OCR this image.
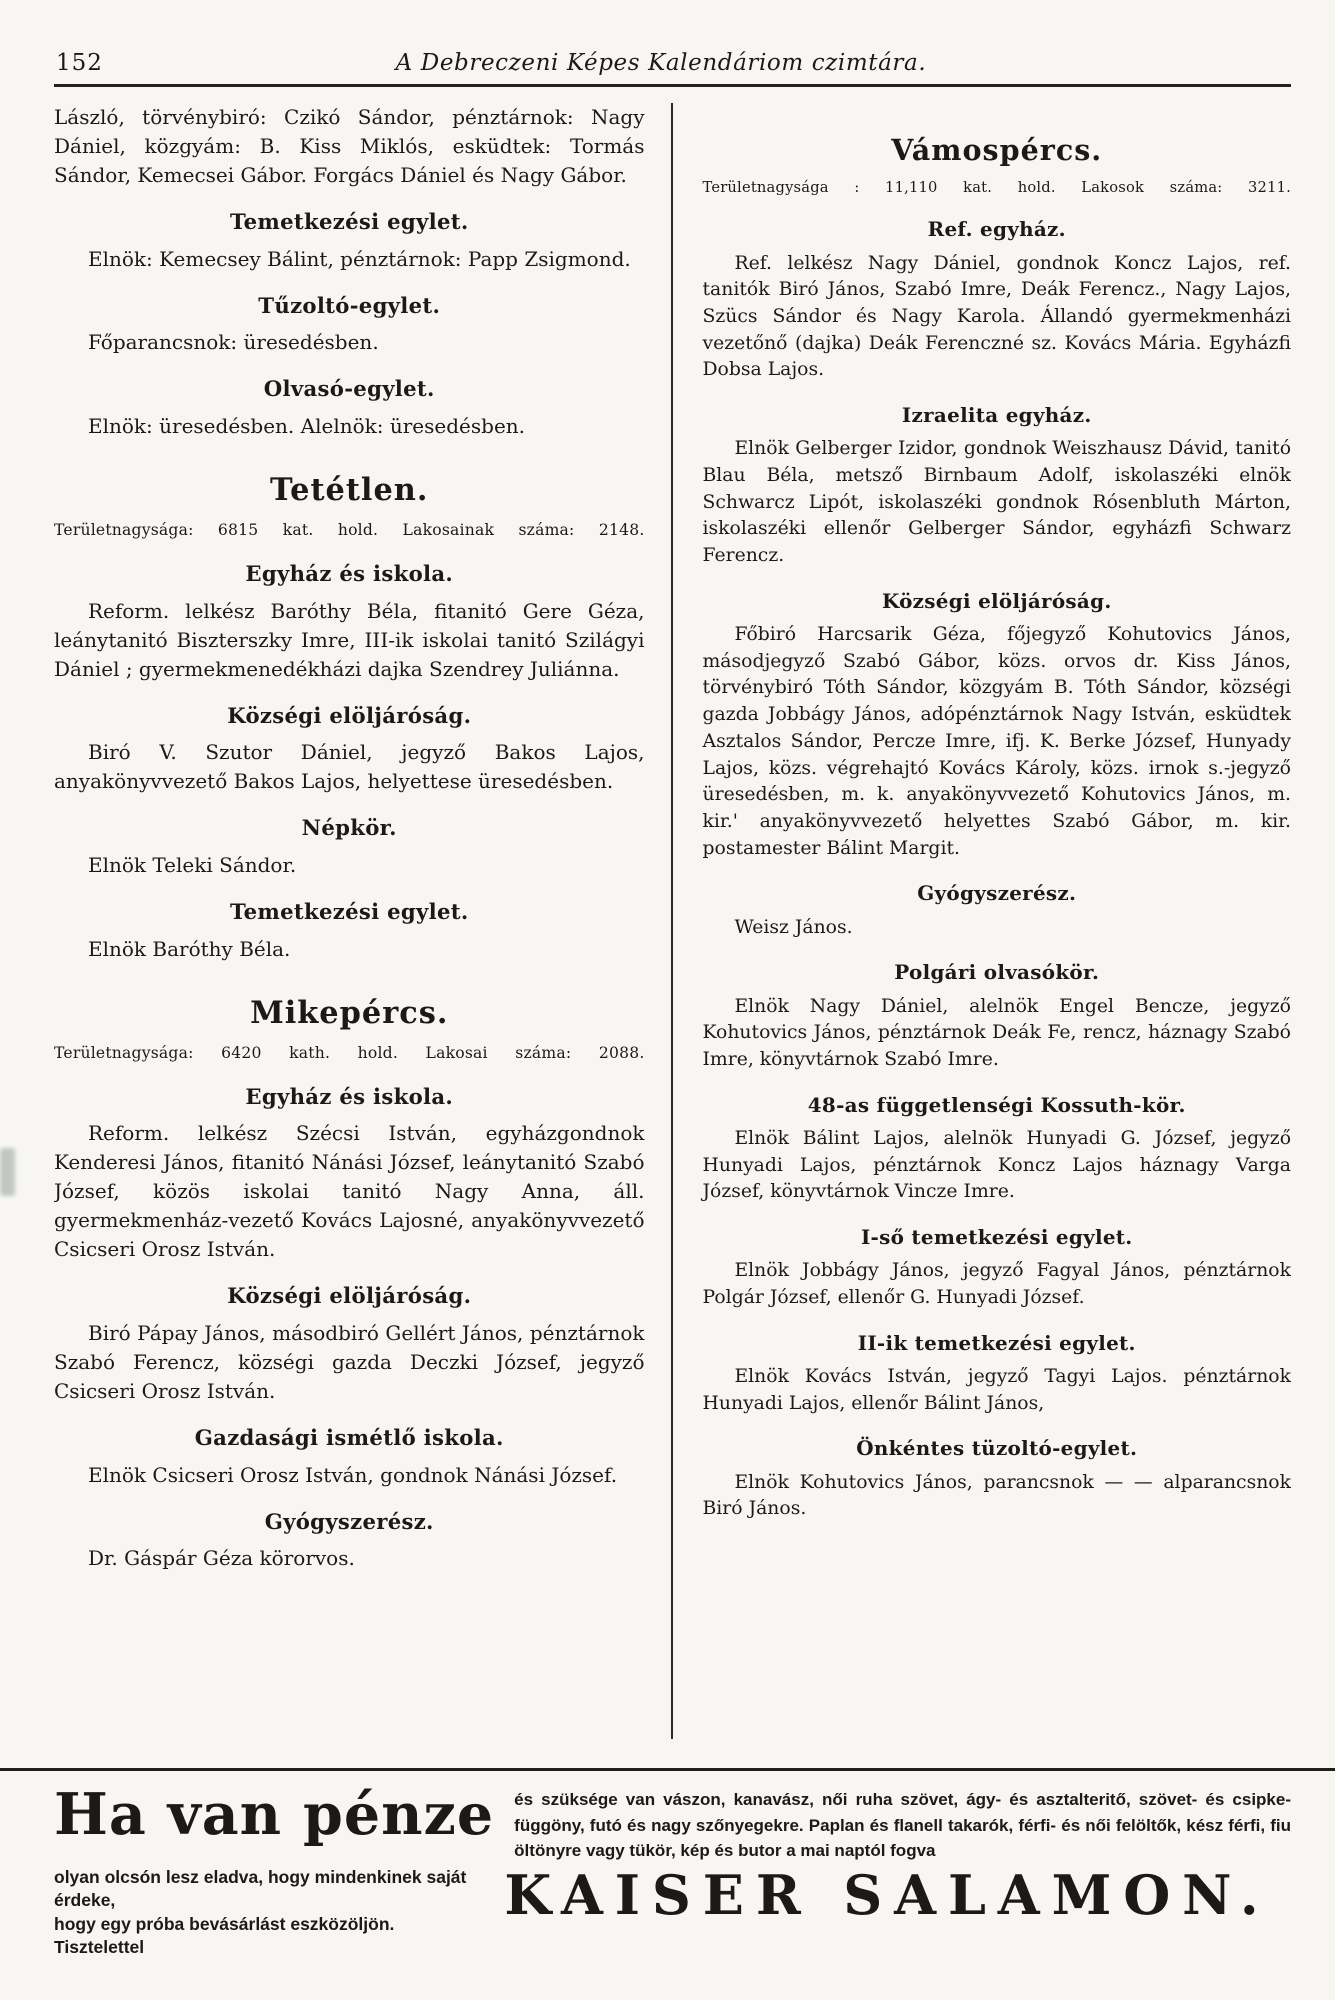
152	A Debreczeni Képes Kalendáriom czimtára.
László, törvénybiró: Czikó Sándor, pénztárnok: Nagy Dániel, közgyám: B. Kiss Miklós, esküdtek: Tormás Sándor, Kemecsei Gábor. Forgács Dániel és Nagy Gábor.
Temetkezési egylet.
Elnök: Kemecsey Bálint, pénztárnok: Papp Zsigmond.
Tűzoltó-egylet.
Főparancsnok: üresedésben.
Olvasó-egylet.
Elnök: üresedésben. Alelnök: üresedésben.
Tetétlen.
Területnagysága: 6815 kat. hold. Lakosainak száma: 2148.
Egyház és iskola.
Reform. lelkész Baróthy Béla, fitanitó Gere Géza, leánytanitó Biszterszky Imre, III-ik iskolai tanitó Szilágyi Dániel ; gyermekmenedékházi dajka Szendrey Juliánna.
Községi elöljáróság.
Biró V. Szutor Dániel, jegyző Bakos Lajos, anyakönyvvezető Bakos Lajos, helyettese üresedésben.
Népkör.
Elnök Teleki Sándor.
Temetkezési egylet.
Elnök Baróthy Béla.
Mikepércs.
Területnagysága: 6420 kath. hold. Lakosai száma: 2088.
Egyház és iskola.
Reform. lelkész Szécsi István, egyházgondnok Kenderesi János, fitanitó Nánási József, leánytanitó Szabó József, közös iskolai tanitó Nagy Anna, áll. gyermekmenház-vezető Kovács Lajosné, anyakönyvvezető Csicseri Orosz István.
Községi elöljáróság.
Biró Pápay János, másodbiró Gellért János, pénztárnok Szabó Ferencz, községi gazda Deczki József, jegyző Csicseri Orosz István.
Gazdasági ismétlő iskola.
Elnök Csicseri Orosz István, gondnok Nánási József.
Gyógyszerész.
Dr. Gáspár Géza körorvos.
Vámospércs.
Területnagysága : 11,110 kat. hold. Lakosok száma: 3211.
Ref. egyház.
Ref. lelkész Nagy Dániel, gondnok Koncz Lajos, ref. tanitók Biró János, Szabó Imre, Deák Ferencz., Nagy Lajos, Szücs Sándor és Nagy Karola. Állandó gyermekmenházi vezetőnő (dajka) Deák Ferenczné sz. Kovács Mária. Egyházfi Dobsa Lajos.
Izraelita egyház.
Elnök Gelberger Izidor, gondnok Weiszhausz Dávid, tanitó Blau Béla, metsző Birnbaum Adolf, iskolaszéki elnök Schwarcz Lipót, iskolaszéki gondnok Rósenbluth Márton, iskolaszéki ellenőr Gelberger Sándor, egyházfi Schwarz Ferencz.
Községi elöljáróság.
Főbiró Harcsarik Géza, főjegyző Kohutovics János, másodjegyző Szabó Gábor, közs. orvos dr. Kiss János, törvénybiró Tóth Sándor, közgyám B. Tóth Sándor, községi gazda Jobbágy János, adópénztárnok Nagy István, esküdtek Asztalos Sándor, Percze Imre, ifj. K. Berke József, Hunyady Lajos, közs. végrehajtó Kovács Károly, közs. irnok s.-jegyző üresedésben, m. k. anyakönyvvezető Kohutovics János, m. kir.' anyakönyvvezető helyettes Szabó Gábor, m. kir. postamester Bálint Margit.
Gyógyszerész.
Weisz János.
Polgári olvasókör.
Elnök Nagy Dániel, alelnök Engel Bencze, jegyző Kohutovics János, pénztárnok Deák Fe, rencz, háznagy Szabó Imre, könyvtárnok Szabó Imre.
48-as függetlenségi Kossuth-kör.
Elnök Bálint Lajos, alelnök Hunyadi G. József, jegyző Hunyadi Lajos, pénztárnok Koncz Lajos háznagy Varga József, könyvtárnok Vincze Imre.
I-ső temetkezési egylet.
Elnök Jobbágy János, jegyző Fagyal János, pénztárnok Polgár József, ellenőr G. Hunyadi József.
II-ik temetkezési egylet.
Elnök Kovács István, jegyző Tagyi Lajos. pénztárnok Hunyadi Lajos, ellenőr Bálint János,
Önkéntes tüzoltó-egylet.
Elnök Kohutovics János, parancsnok — — alparancsnok Biró János.
Ha van pénze és szüksége van vászon, kanavász, női ruha szövet, ágy- és asztalteritő, szövet- és csipke-függöny, futó és nagy szőnyegekre. Paplan és flanell takarók, férfi- és női felöltők, kész férfi, fiu öltönyre vagy tükör, kép és butor a mai naptól fogva
olyan olcsón lesz eladva, hogy mindenkinek saját érdeke,
hogy egy próba bevásárlást eszközöljön. Tisztelettel
KAISER SALAMON.
